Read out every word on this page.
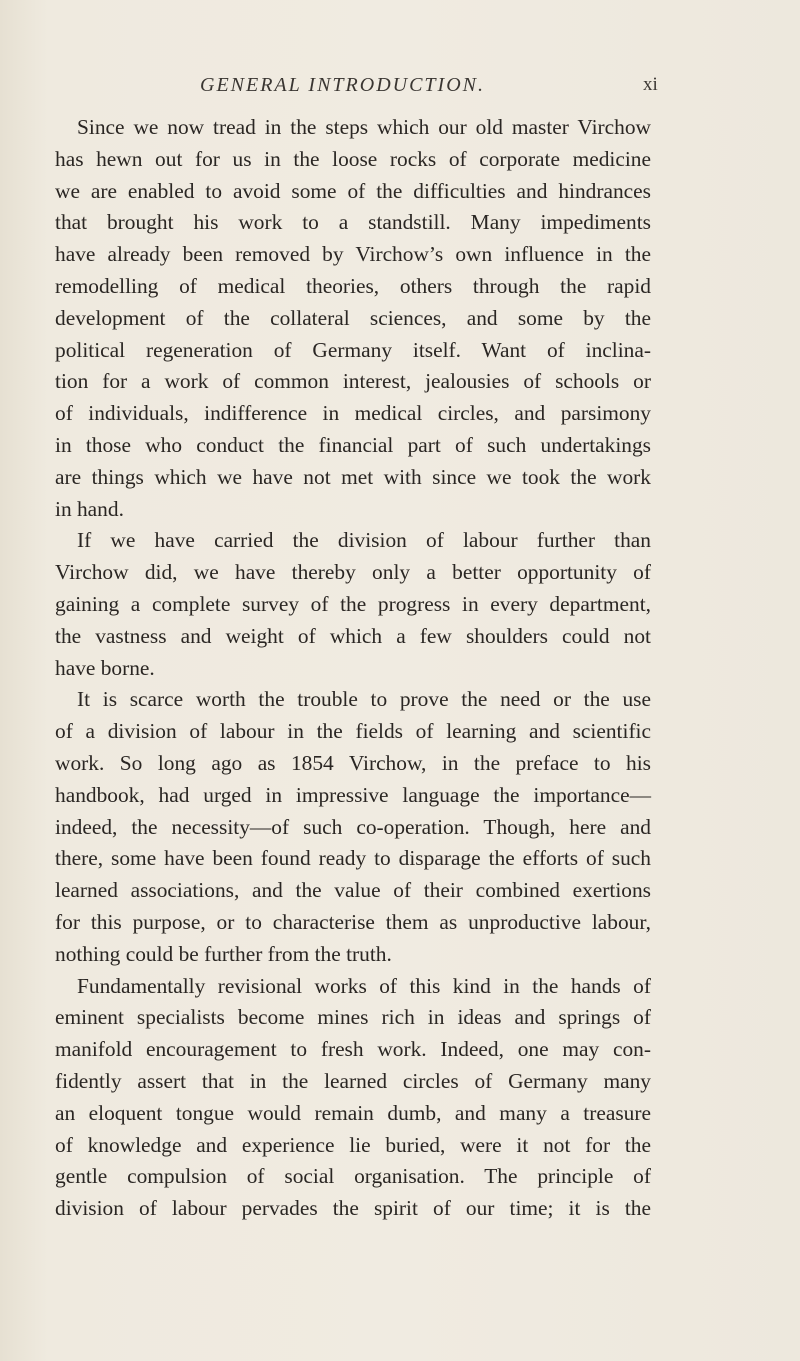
GENERAL INTRODUCTION.	xi
Since we now tread in the steps which our old master Virchow
has hewn out for us in the loose rocks of corporate medicine
we are enabled to avoid some of the difficulties and hindrances
that brought his work to a standstill. Many impediments
have already been removed by Virchow’s own influence in the
remodelling of medical theories, others through the rapid
development of the collateral sciences, and some by the
political regeneration of Germany itself. Want of inclina-
tion for a work of common interest, jealousies of schools or
of individuals, indifference in medical circles, and parsimony
in those who conduct the financial part of such undertakings
are things which we have not met with since we took the work
in hand.
If we have carried the division of labour further than
Virchow did, we have thereby only a better opportunity of
gaining a complete survey of the progress in every department,
the vastness and weight of which a few shoulders could not
have borne.
It is scarce worth the trouble to prove the need or the use
of a division of labour in the fields of learning and scientific
work. So long ago as 1854 Virchow, in the preface to his
handbook, had urged in impressive language the importance—
indeed, the necessity—of such co-operation. Though, here and
there, some have been found ready to disparage the efforts of such
learned associations, and the value of their combined exertions
for this purpose, or to characterise them as unproductive labour,
nothing could be further from the truth.
Fundamentally revisional works of this kind in the hands of
eminent specialists become mines rich in ideas and springs of
manifold encouragement to fresh work. Indeed, one may con-
fidently assert that in the learned circles of Germany many
an eloquent tongue would remain dumb, and many a treasure
of knowledge and experience lie buried, were it not for the
gentle compulsion of social organisation. The principle of
division of labour pervades the spirit of our time; it is the
